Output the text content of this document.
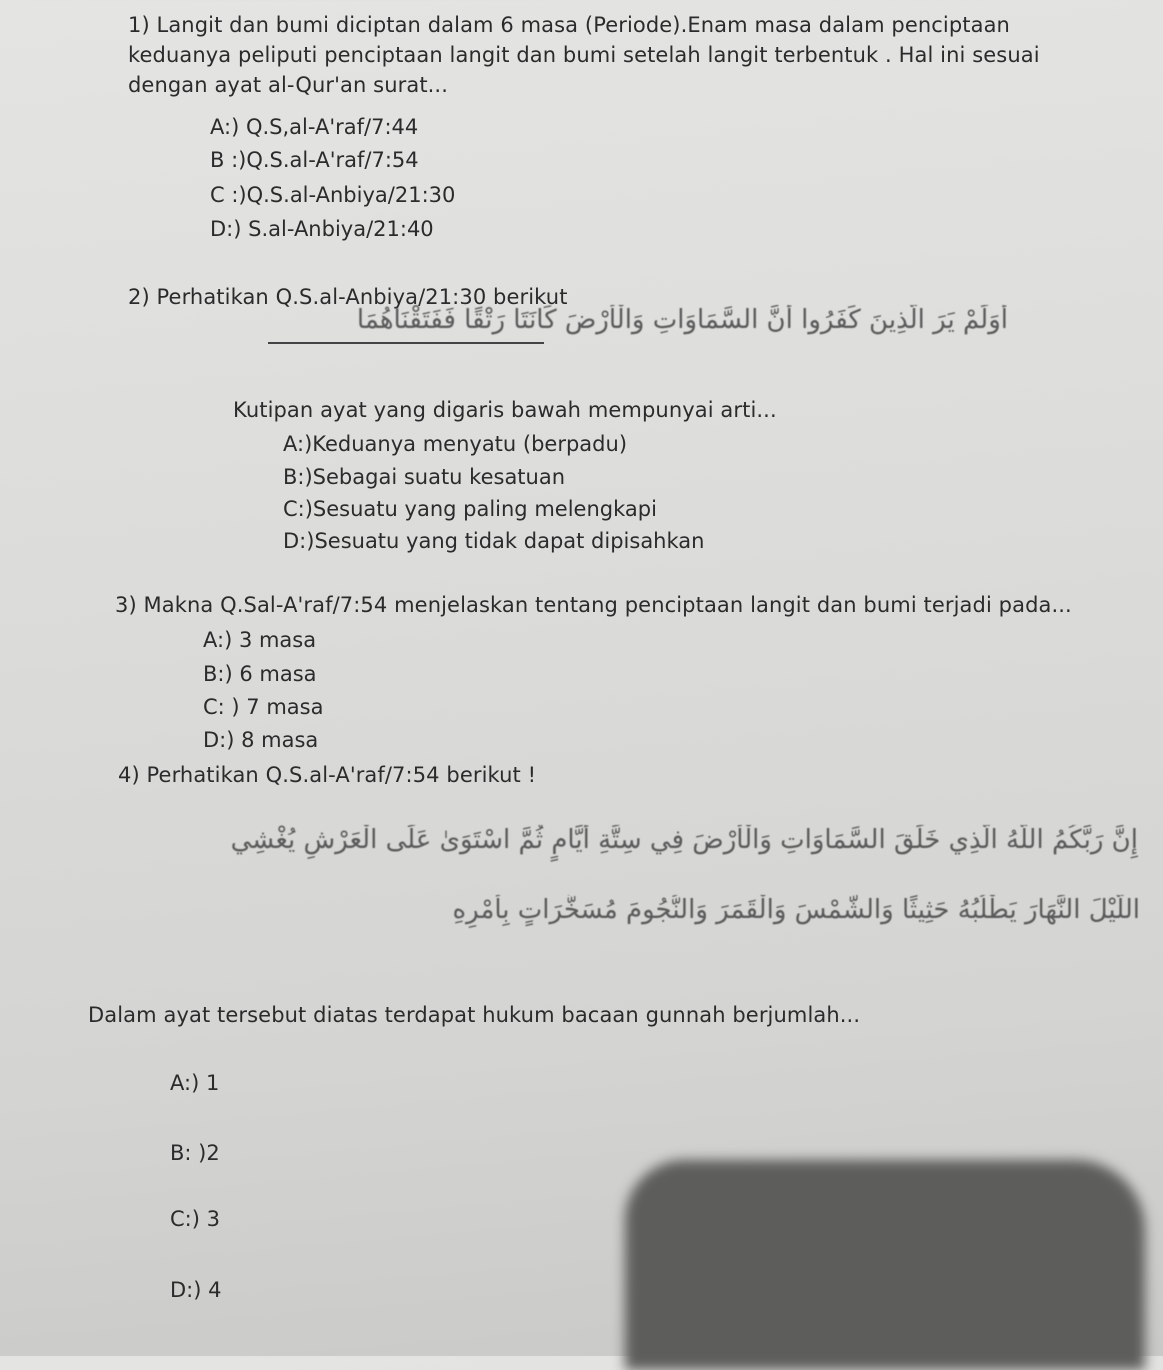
1) Langit dan bumi diciptan dalam 6 masa (Periode).Enam masa dalam penciptaan
keduanya peliputi penciptaan langit dan bumi setelah langit terbentuk . Hal ini sesuai
dengan ayat al-Qur'an surat...
A:) Q.S,al-A'raf/7:44
B :)Q.S.al-A'raf/7:54
C :)Q.S.al-Anbiya/21:30
D:) S.al-Anbiya/21:40
2) Perhatikan Q.S.al-Anbiya/21:30 berikut
أَوَلَمْ يَرَ الَّذِينَ كَفَرُوا أَنَّ السَّمَاوَاتِ وَالْأَرْضَ كَانَتَا رَتْقًا فَفَتَقْنَاهُمَا
Kutipan ayat yang digaris bawah mempunyai arti...
A:)Keduanya menyatu (berpadu)
B:)Sebagai suatu kesatuan
C:)Sesuatu yang paling melengkapi
D:)Sesuatu yang tidak dapat dipisahkan
3) Makna Q.Sal-A'raf/7:54 menjelaskan tentang penciptaan langit dan bumi terjadi pada...
A:) 3 masa
B:) 6 masa
C: ) 7 masa
D:) 8 masa
4) Perhatikan Q.S.al-A'raf/7:54 berikut !
إِنَّ رَبَّكُمُ اللَّهُ الَّذِي خَلَقَ السَّمَاوَاتِ وَالْأَرْضَ فِي سِتَّةِ أَيَّامٍ ثُمَّ اسْتَوَىٰ عَلَى الْعَرْشِ يُغْشِي
اللَّيْلَ النَّهَارَ يَطْلُبُهُ حَثِيثًا وَالشَّمْسَ وَالْقَمَرَ وَالنُّجُومَ مُسَخَّرَاتٍ بِأَمْرِهِ
Dalam ayat tersebut diatas terdapat hukum bacaan gunnah berjumlah...
A:) 1
B: )2
C:) 3
D:) 4
